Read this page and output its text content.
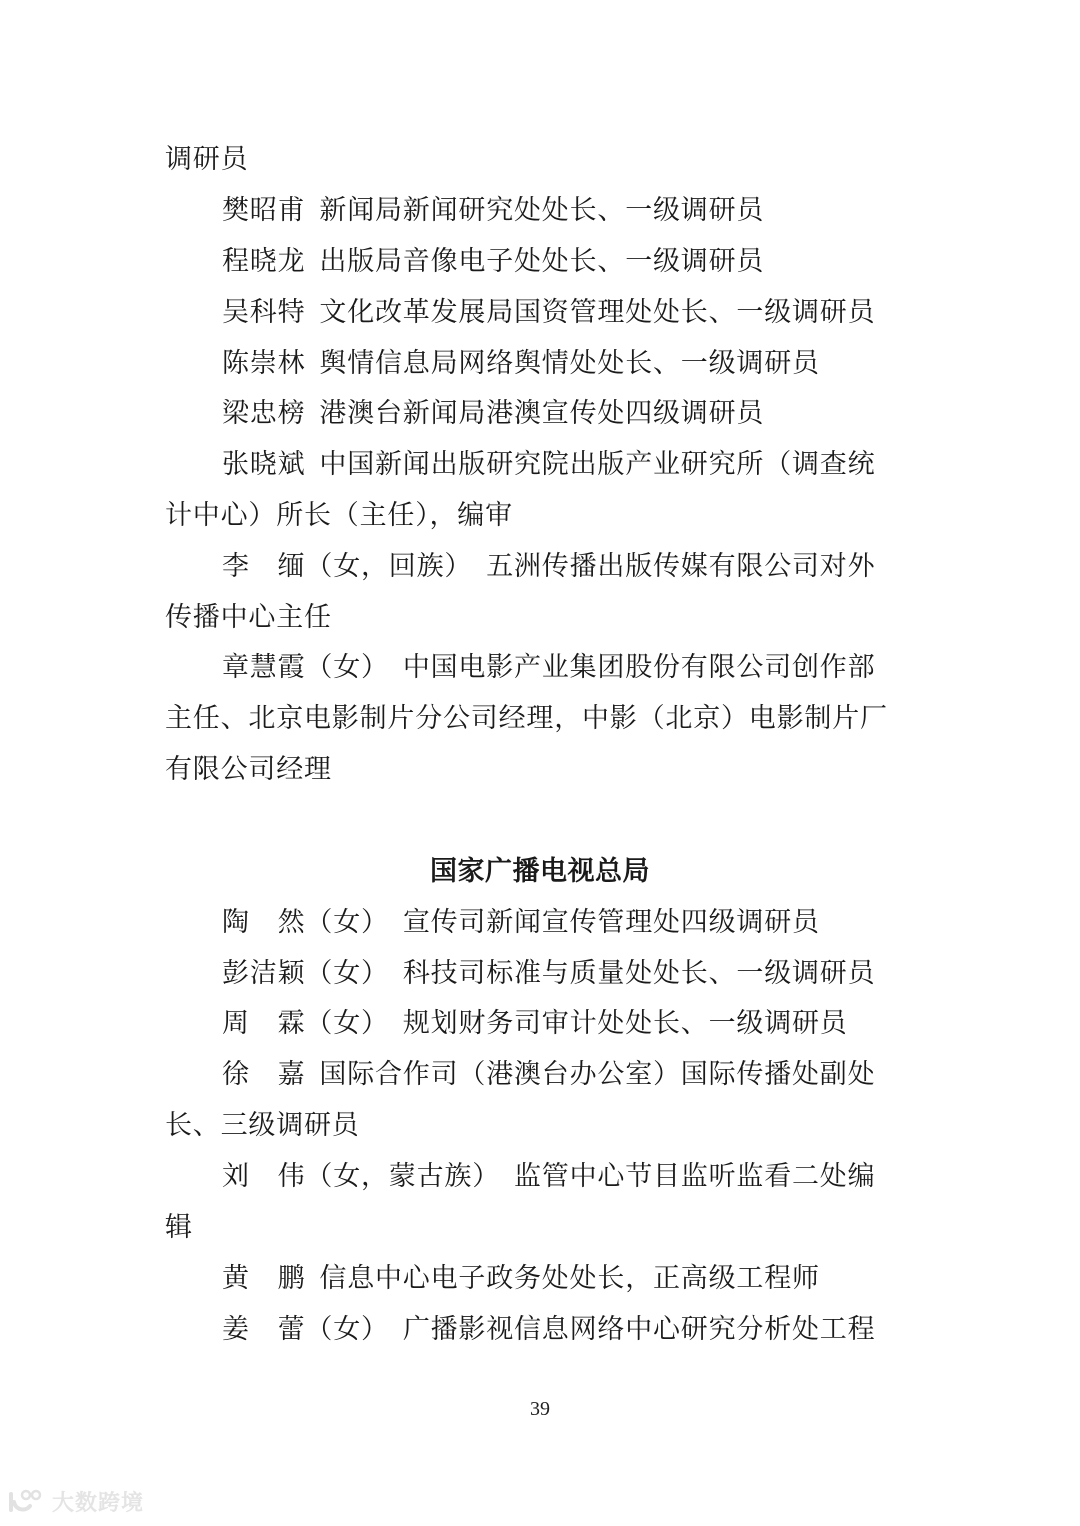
调研员
樊昭甫 新闻局新闻研究处处长、一级调研员
程晓龙 出版局音像电子处处长、一级调研员
吴科特 文化改革发展局国资管理处处长、一级调研员
陈崇林 舆情信息局网络舆情处处长、一级调研员
梁忠榜 港澳台新闻局港澳宣传处四级调研员
张晓斌 中国新闻出版研究院出版产业研究所（调查统
计中心）所长（主任），编审
李　缅（女，回族） 五洲传播出版传媒有限公司对外
传播中心主任
章慧霞（女） 中国电影产业集团股份有限公司创作部
主任、北京电影制片分公司经理，中影（北京）电影制片厂
有限公司经理
国家广播电视总局
陶　然（女） 宣传司新闻宣传管理处四级调研员
彭洁颖（女） 科技司标准与质量处处长、一级调研员
周　霖（女） 规划财务司审计处处长、一级调研员
徐　嘉 国际合作司（港澳台办公室）国际传播处副处
长、三级调研员
刘　伟（女，蒙古族） 监管中心节目监听监看二处编
辑
黄　鹏 信息中心电子政务处处长，正高级工程师
姜　蕾（女） 广播影视信息网络中心研究分析处工程
39
大数跨境
